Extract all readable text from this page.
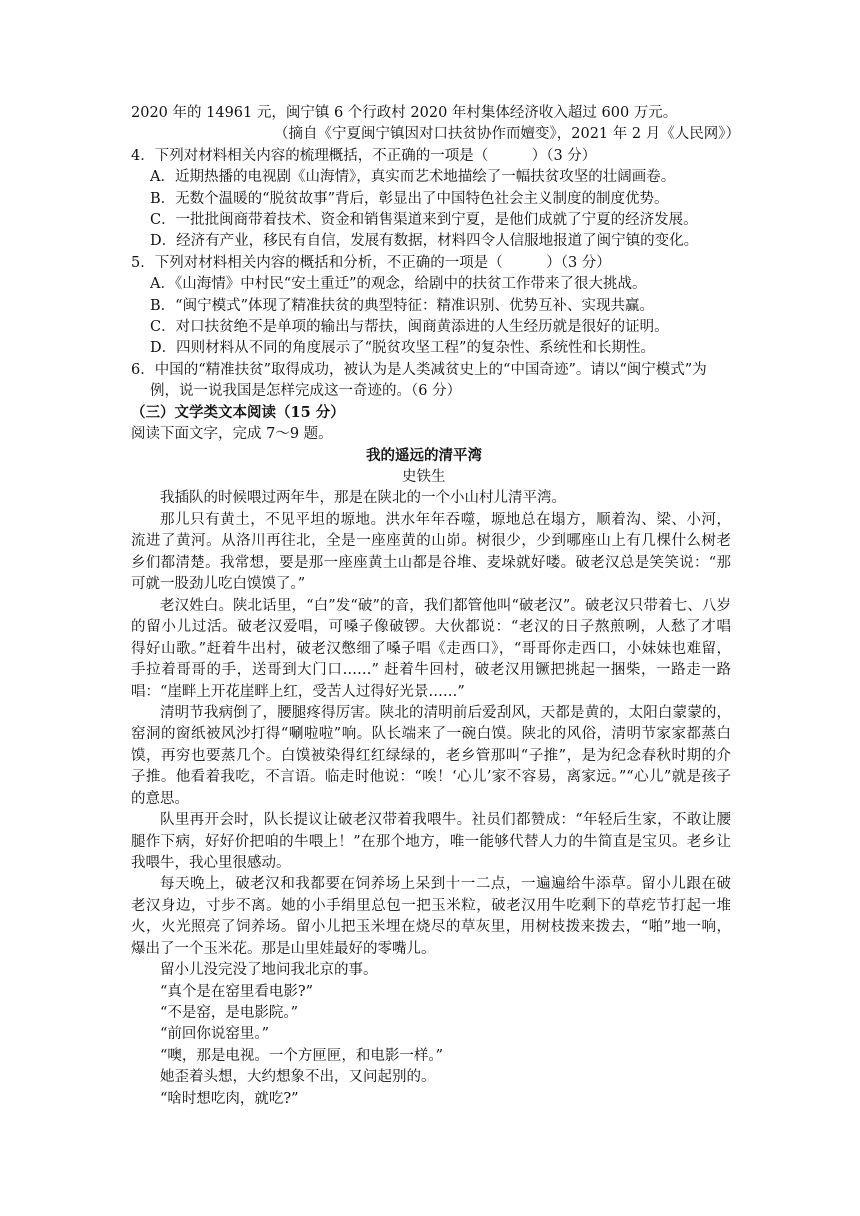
2020 年的 14961 元，闽宁镇 6 个行政村 2020 年村集体经济收入超过 600 万元。
（摘自《宁夏闽宁镇因对口扶贫协作而嬗变》，2021 年 2 月《人民网》）
4．下列对材料相关内容的梳理概括，不正确的一项是（　　　）（3 分）
A．近期热播的电视剧《山海情》，真实而艺术地描绘了一幅扶贫攻坚的壮阔画卷。
B．无数个温暖的“脱贫故事”背后，彰显出了中国特色社会主义制度的制度优势。
C．一批批闽商带着技术、资金和销售渠道来到宁夏，是他们成就了宁夏的经济发展。
D．经济有产业，移民有自信，发展有数据，材料四令人信服地报道了闽宁镇的变化。
5．下列对材料相关内容的概括和分析，不正确的一项是（　　　）（3 分）
A．《山海情》中村民“安土重迁”的观念，给剧中的扶贫工作带来了很大挑战。
B．“闽宁模式”体现了精准扶贫的典型特征：精准识别、优势互补、实现共赢。
C．对口扶贫绝不是单项的输出与帮扶，闽商黄添进的人生经历就是很好的证明。
D．四则材料从不同的角度展示了“脱贫攻坚工程”的复杂性、系统性和长期性。
6．中国的“精准扶贫”取得成功，被认为是人类减贫史上的“中国奇迹”。请以“闽宁模式”为
例，说一说我国是怎样完成这一奇迹的。（6 分）
（三）文学类文本阅读（15 分）
阅读下面文字，完成 7～9 题。
我的遥远的清平湾
史铁生
我插队的时候喂过两年牛，那是在陕北的一个小山村儿清平湾。
那儿只有黄土，不见平坦的塬地。洪水年年吞噬，塬地总在塌方，顺着沟、梁、小河，
流进了黄河。从洛川再往北，全是一座座黄的山峁。树很少，少到哪座山上有几棵什么树老
乡们都清楚。我常想，要是那一座座黄土山都是谷堆、麦垛就好喽。破老汉总是笑笑说：“那
可就一股劲儿吃白馍馍了。”
老汉姓白。陕北话里，“白”发“破”的音，我们都管他叫“破老汉”。破老汉只带着七、八岁
的留小儿过活。破老汉爱唱，可嗓子像破锣。大伙都说：“老汉的日子熬煎咧，人愁了才唱
得好山歌。”赶着牛出村，破老汉憋细了嗓子唱《走西口》，“哥哥你走西口，小妹妹也难留，
手拉着哥哥的手，送哥到大门口……” 赶着牛回村，破老汉用镢把挑起一捆柴，一路走一路
唱：“崖畔上开花崖畔上红，受苦人过得好光景……”
清明节我病倒了，腰腿疼得厉害。陕北的清明前后爱刮风，天都是黄的，太阳白蒙蒙的，
窑洞的窗纸被风沙打得“唰啦啦”响。队长端来了一碗白馍。陕北的风俗，清明节家家都蒸白
馍，再穷也要蒸几个。白馍被染得红红绿绿的，老乡管那叫“子推”，是为纪念春秋时期的介
子推。他看着我吃，不言语。临走时他说：“唉！‘心儿’家不容易，离家远。”“心儿”就是孩子
的意思。
队里再开会时，队长提议让破老汉带着我喂牛。社员们都赞成：“年轻后生家，不敢让腰
腿作下病，好好价把咱的牛喂上！”在那个地方，唯一能够代替人力的牛简直是宝贝。老乡让
我喂牛，我心里很感动。
每天晚上，破老汉和我都要在饲养场上呆到十一二点，一遍遍给牛添草。留小儿跟在破
老汉身边，寸步不离。她的小手绢里总包一把玉米粒，破老汉用牛吃剩下的草疙节打起一堆
火，火光照亮了饲养场。留小儿把玉米埋在烧尽的草灰里，用树枝拨来拨去，“啪”地一响，
爆出了一个玉米花。那是山里娃最好的零嘴儿。
留小儿没完没了地问我北京的事。
“真个是在窑里看电影?”
“不是窑，是电影院。”
“前回你说窑里。”
“噢，那是电视。一个方匣匣，和电影一样。”
她歪着头想，大约想象不出，又问起别的。
“啥时想吃肉，就吃?”
